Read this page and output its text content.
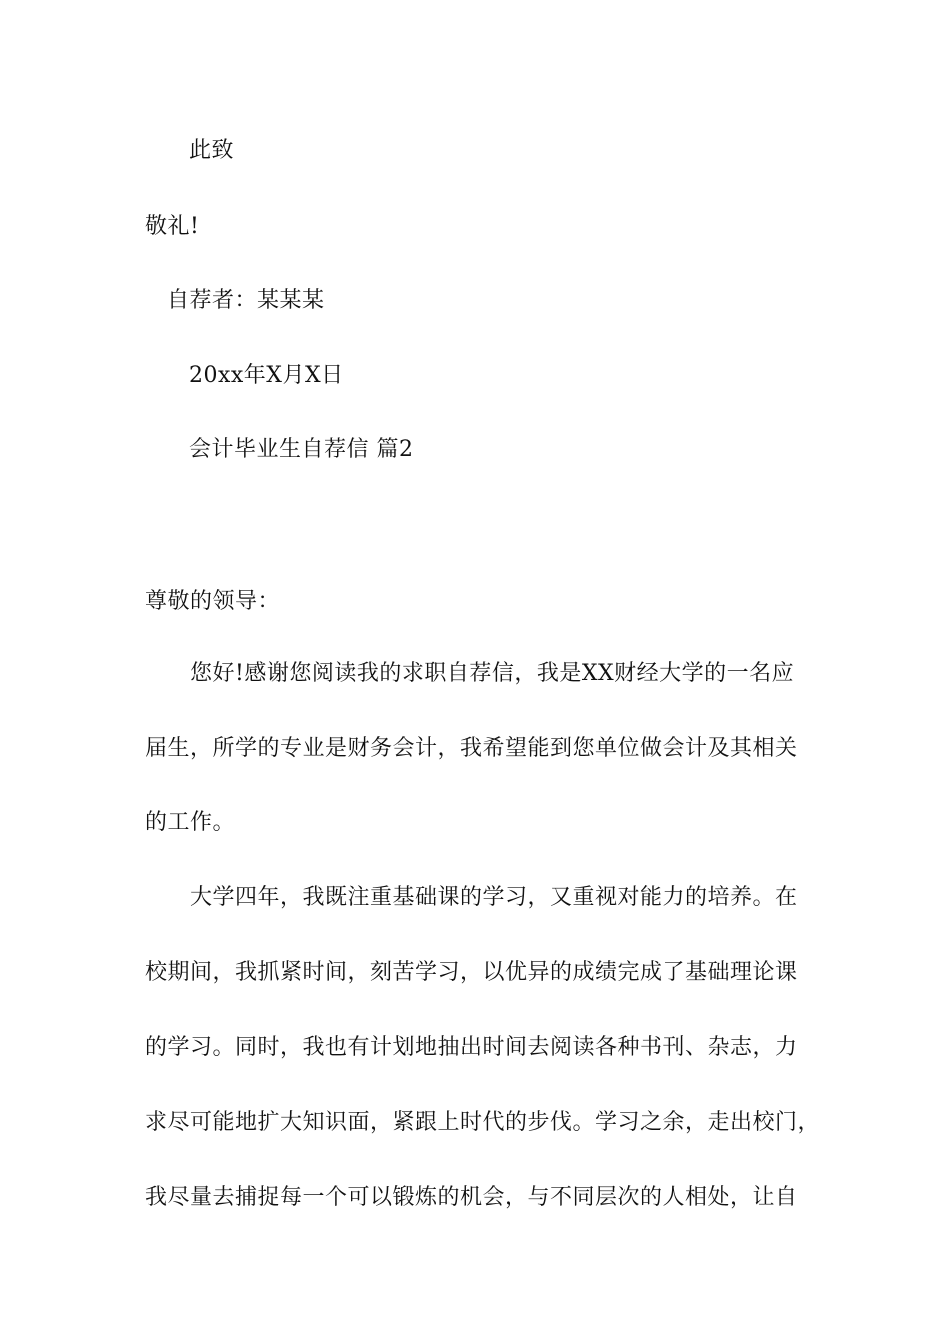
此致
敬礼!
自荐者：某某某
20xx年X月X日
会计毕业生自荐信 篇2
尊敬的领导：
　　您好!感谢您阅读我的求职自荐信，我是XX财经大学的一名应
届生，所学的专业是财务会计，我希望能到您单位做会计及其相关
的工作。
　　大学四年，我既注重基础课的学习，又重视对能力的培养。在
校期间，我抓紧时间，刻苦学习，以优异的成绩完成了基础理论课
的学习。同时，我也有计划地抽出时间去阅读各种书刊、杂志，力
求尽可能地扩大知识面，紧跟上时代的步伐。学习之余，走出校门，
我尽量去捕捉每一个可以锻炼的机会，与不同层次的人相处，让自
